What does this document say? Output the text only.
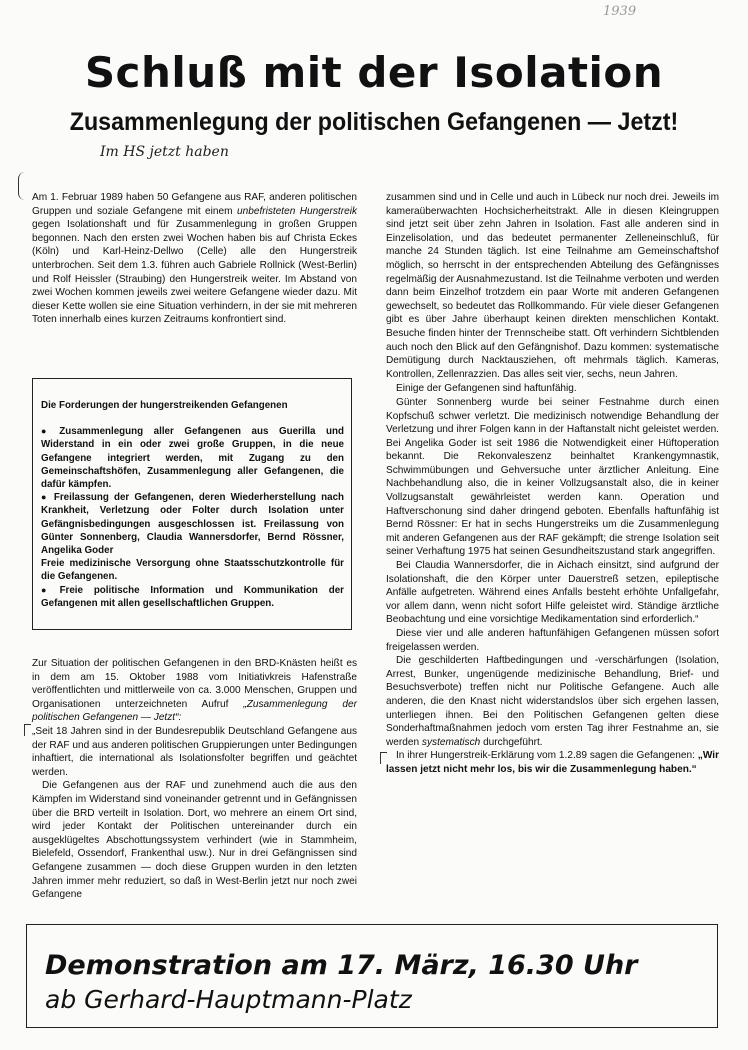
1939
Schluß mit der Isolation
Zusammenlegung der politischen Gefangenen — Jetzt!
Im HS jetzt haben

Am 1. Februar 1989 haben 50 Gefangene aus RAF, anderen politischen Gruppen und soziale Gefangene mit einem unbefristeten Hungerstreik gegen Isolationshaft und für Zusammenlegung in großen Gruppen begonnen. Nach den ersten zwei Wochen haben bis auf Christa Eckes (Köln) und Karl-Heinz-Dellwo (Celle) alle den Hungerstreik unterbrochen. Seit dem 1.3. führen auch Gabriele Rollnick (West-Berlin) und Rolf Heissler (Straubing) den Hungerstreik weiter. Im Abstand von zwei Wochen kommen jeweils zwei weitere Gefangene wieder dazu. Mit dieser Kette wollen sie eine Situation verhindern, in der sie mit mehreren Toten innerhalb eines kurzen Zeitraums konfrontiert sind.

Die Forderungen der hungerstreikenden Gefangenen
● Zusammenlegung aller Gefangenen aus Guerilla und Widerstand in ein oder zwei große Gruppen, in die neue Gefangene integriert werden, mit Zugang zu den Gemeinschaftshöfen, Zusammenlegung aller Gefangenen, die dafür kämpfen.
● Freilassung der Gefangenen, deren Wiederherstellung nach Krankheit, Verletzung oder Folter durch Isolation unter Gefängnisbedingungen ausgeschlossen ist. Freilassung von Günter Sonnenberg, Claudia Wannersdorfer, Bernd Rössner, Angelika Goder
Freie medizinische Versorgung ohne Staatsschutzkontrolle für die Gefangenen.
● Freie politische Information und Kommunikation der Gefangenen mit allen gesellschaftlichen Gruppen.

Zur Situation der politischen Gefangenen in den BRD-Knästen heißt es in dem am 15. Oktober 1988 vom Initiativkreis Hafenstraße veröffentlichten und mittlerweile von ca. 3.000 Menschen, Gruppen und Organisationen unterzeichneten Aufruf „Zusammenlegung der politischen Gefangenen — Jetzt“:

„Seit 18 Jahren sind in der Bundesrepublik Deutschland Gefangene aus der RAF und aus anderen politischen Gruppierungen unter Bedingungen inhaftiert, die international als Isolationsfolter begriffen und geächtet werden.

Die Gefangenen aus der RAF und zunehmend auch die aus den Kämpfen im Widerstand sind voneinander getrennt und in Gefängnissen über die BRD verteilt in Isolation. Dort, wo mehrere an einem Ort sind, wird jeder Kontakt der Politischen untereinander durch ein ausgeklügeltes Abschottungssystem verhindert (wie in Stammheim, Bielefeld, Ossendorf, Frankenthal usw.). Nur in drei Gefängnissen sind Gefangene zusammen — doch diese Gruppen wurden in den letzten Jahren immer mehr reduziert, so daß in West-Berlin jetzt nur noch zwei Gefangene

zusammen sind und in Celle und auch in Lübeck nur noch drei. Jeweils im kameraüberwachten Hochsicherheitstrakt. Alle in diesen Kleingruppen sind jetzt seit über zehn Jahren in Isolation. Fast alle anderen sind in Einzelisolation, und das bedeutet permanenter Zelleneinschluß, für manche 24 Stunden täglich. Ist eine Teilnahme am Gemeinschaftshof möglich, so herrscht in der entsprechenden Abteilung des Gefängnisses regelmäßig der Ausnahmezustand. Ist die Teilnahme verboten und werden dann beim Einzelhof trotzdem ein paar Worte mit anderen Gefangenen gewechselt, so bedeutet das Rollkommando. Für viele dieser Gefangenen gibt es über Jahre überhaupt keinen direkten menschlichen Kontakt. Besuche finden hinter der Trennscheibe statt. Oft verhindern Sichtblenden auch noch den Blick auf den Gefängnishof. Dazu kommen: systematische Demütigung durch Nacktausziehen, oft mehrmals täglich. Kameras, Kontrollen, Zellenrazzien. Das alles seit vier, sechs, neun Jahren.

Einige der Gefangenen sind haftunfähig.

Günter Sonnenberg wurde bei seiner Festnahme durch einen Kopfschuß schwer verletzt. Die medizinisch notwendige Behandlung der Verletzung und ihrer Folgen kann in der Haftanstalt nicht geleistet werden. Bei Angelika Goder ist seit 1986 die Notwendigkeit einer Hüftoperation bekannt. Die Rekonvaleszenz beinhaltet Krankengymnastik, Schwimmübungen und Gehversuche unter ärztlicher Anleitung. Eine Nachbehandlung also, die in keiner Vollzugsanstalt also, die in keiner Vollzugsanstalt gewährleistet werden kann. Operation und Haftverschonung sind daher dringend geboten. Ebenfalls haftunfähig ist Bernd Rössner: Er hat in sechs Hungerstreiks um die Zusammenlegung mit anderen Gefangenen aus der RAF gekämpft; die strenge Isolation seit seiner Verhaftung 1975 hat seinen Gesundheitszustand stark angegriffen.

Bei Claudia Wannersdorfer, die in Aichach einsitzt, sind aufgrund der Isolationshaft, die den Körper unter Dauerstreß setzen, epileptische Anfälle aufgetreten. Während eines Anfalls besteht erhöhte Unfallgefahr, vor allem dann, wenn nicht sofort Hilfe geleistet wird. Ständige ärztliche Beobachtung und eine vorsichtige Medikamentation sind erforderlich.“

Diese vier und alle anderen haftunfähigen Gefangenen müssen sofort freigelassen werden.

Die geschilderten Haftbedingungen und -verschärfungen (Isolation, Arrest, Bunker, ungenügende medizinische Behandlung, Brief- und Besuchsverbote) treffen nicht nur Politische Gefangene. Auch alle anderen, die den Knast nicht widerstandslos über sich ergehen lassen, unterliegen ihnen. Bei den Politischen Gefangenen gelten diese Sonderhaftmaßnahmen jedoch vom ersten Tag ihrer Festnahme an, sie werden systematisch durchgeführt.

In ihrer Hungerstreik-Erklärung vom 1.2.89 sagen die Gefangenen: „Wir lassen jetzt nicht mehr los, bis wir die Zusammenlegung haben.“

Demonstration am 17. März, 16.30 Uhr
ab Gerhard-Hauptmann-Platz
